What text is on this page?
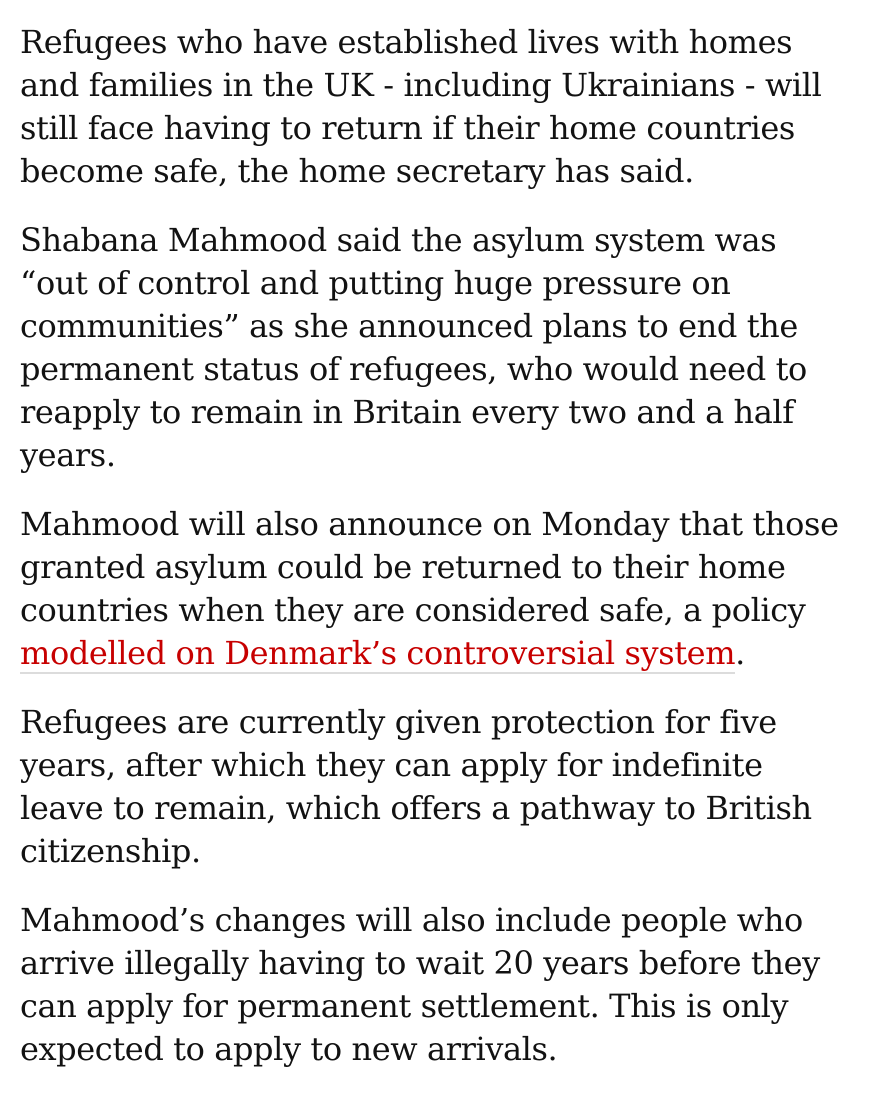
Refugees who have established lives with homes and families in the UK - including Ukrainians - will still face having to return if their home countries become safe, the home secretary has said.

Shabana Mahmood said the asylum system was “out of control and putting huge pressure on communities” as she announced plans to end the permanent status of refugees, who would need to reapply to remain in Britain every two and a half years.

Mahmood will also announce on Monday that those granted asylum could be returned to their home countries when they are considered safe, a policy modelled on Denmark’s controversial system.

Refugees are currently given protection for five years, after which they can apply for indefinite leave to remain, which offers a pathway to British citizenship.

Mahmood’s changes will also include people who arrive illegally having to wait 20 years before they can apply for permanent settlement. This is only expected to apply to new arrivals.
